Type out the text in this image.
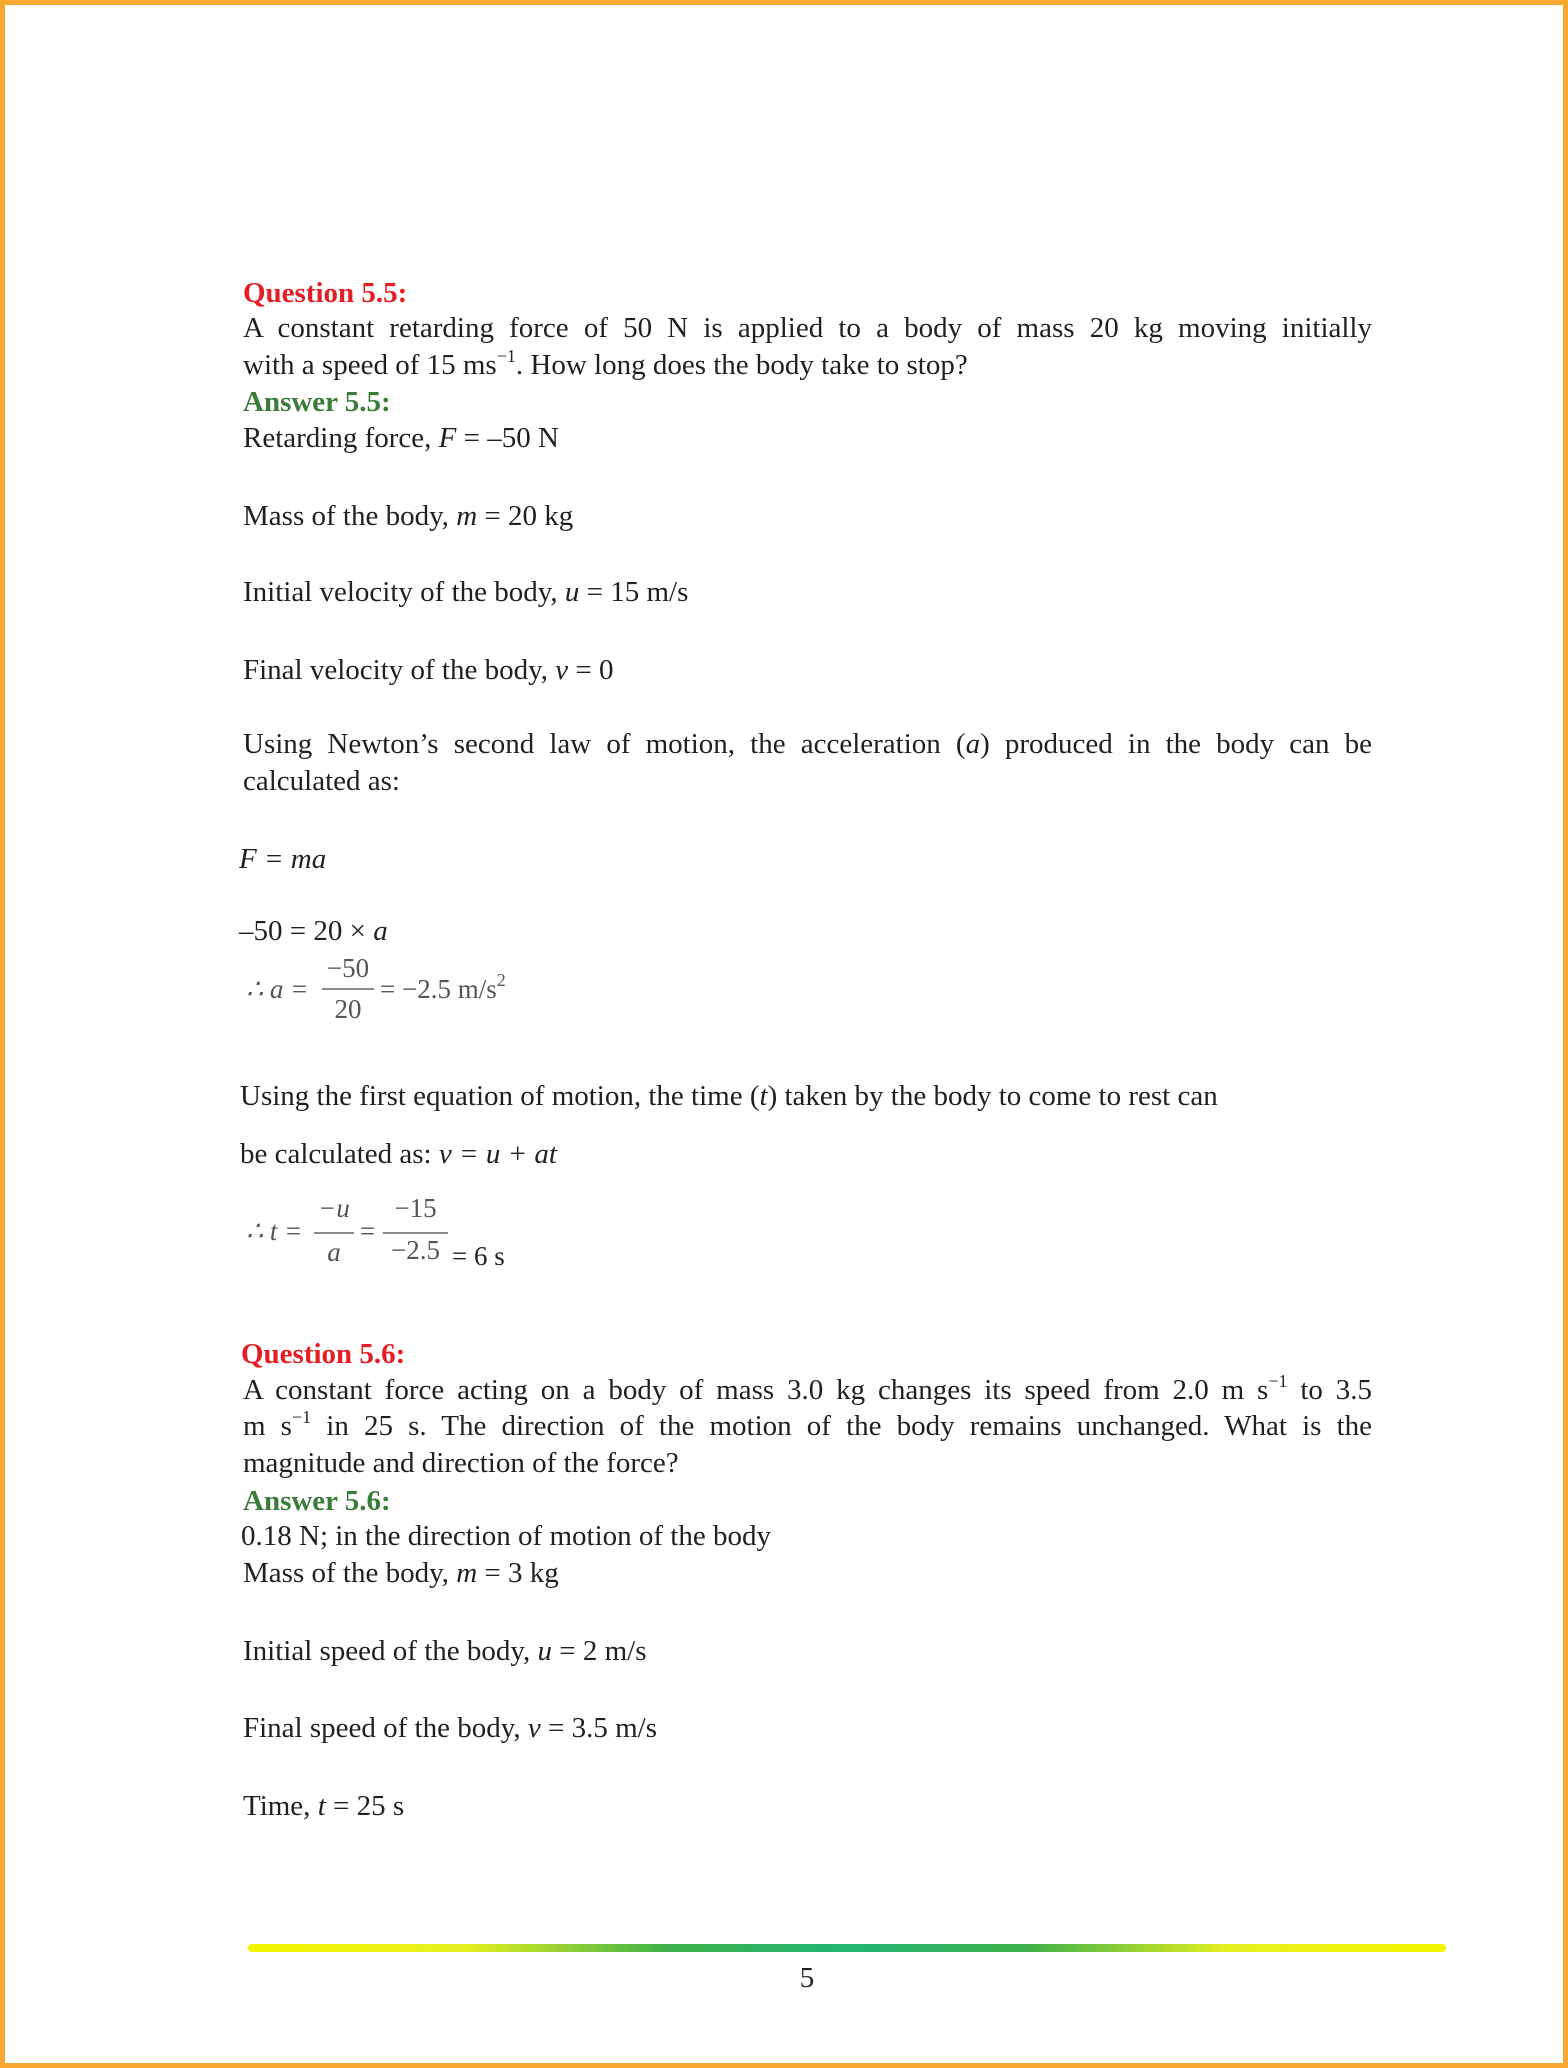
Question 5.5:
A constant retarding force of 50 N is applied to a body of mass 20 kg moving initially
with a speed of 15 $ms^{-1}$. How long does the body take to stop?
Answer 5.5:
Retarding force, F = –50 N
Mass of the body, m = 20 kg
Initial velocity of the body, u = 15 m/s
Final velocity of the body, v = 0
Using Newton’s second law of motion, the acceleration (a) produced in the body can be
calculated as:
F = ma
–50 = 20 × a
∴ a =
−50
20
= −2.5 $m/s^2$
Using the first equation of motion, the time (t) taken by the body to come to rest can
be calculated as: v = u + at
∴ t =
−u
a
=
−15
−2.5 = 6 s
Question 5.6:
A constant force acting on a body of mass 3.0 kg changes its speed from 2.0 m $s^{-1}$ to 3.5
m $s^{-1}$ in 25 s. The direction of the motion of the body remains unchanged. What is the
magnitude and direction of the force?
Answer 5.6:
0.18 N; in the direction of motion of the body
Mass of the body, m = 3 kg
Initial speed of the body, u = 2 m/s
Final speed of the body, v = 3.5 m/s
Time, t = 25 s
5
